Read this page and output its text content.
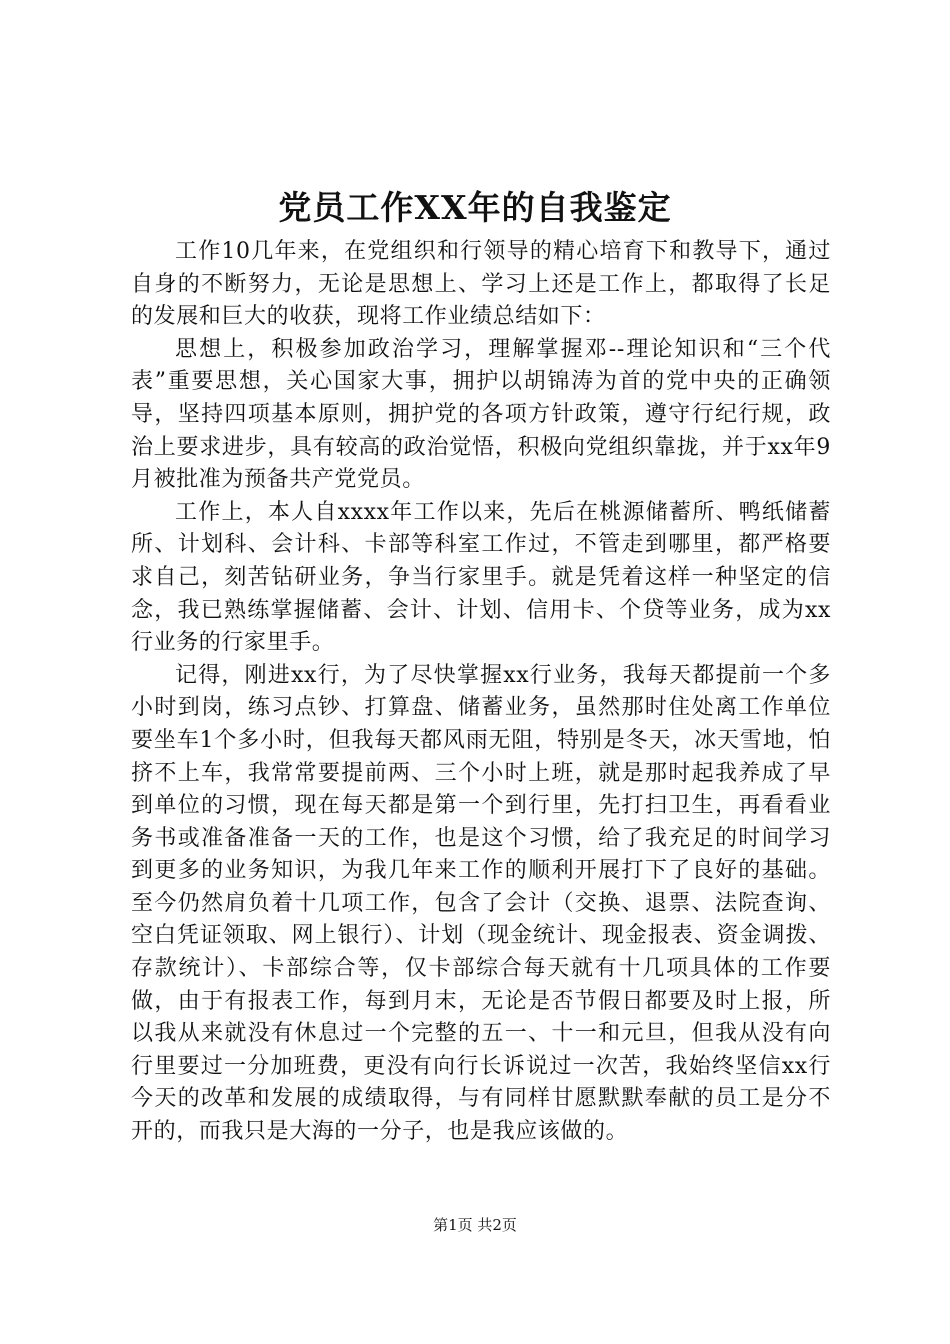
党员工作XX年的自我鉴定

工作10几年来，在党组织和行领导的精心培育下和教导下，通过自身的不断努力，无论是思想上、学习上还是工作上，都取得了长足的发展和巨大的收获，现将工作业绩总结如下：

思想上，积极参加政治学习，理解掌握邓--理论知识和“三个代表”重要思想，关心国家大事，拥护以胡锦涛为首的党中央的正确领导，坚持四项基本原则，拥护党的各项方针政策，遵守行纪行规，政治上要求进步，具有较高的政治觉悟，积极向党组织靠拢，并于xx年9月被批准为预备共产党党员。

工作上，本人自xxxx年工作以来，先后在桃源储蓄所、鸭纸储蓄所、计划科、会计科、卡部等科室工作过，不管走到哪里，都严格要求自己，刻苦钻研业务，争当行家里手。就是凭着这样一种坚定的信念，我已熟练掌握储蓄、会计、计划、信用卡、个贷等业务，成为xx行业务的行家里手。

记得，刚进xx行，为了尽快掌握xx行业务，我每天都提前一个多小时到岗，练习点钞、打算盘、储蓄业务，虽然那时住处离工作单位要坐车1个多小时，但我每天都风雨无阻，特别是冬天，冰天雪地，怕挤不上车，我常常要提前两、三个小时上班，就是那时起我养成了早到单位的习惯，现在每天都是第一个到行里，先打扫卫生，再看看业务书或准备准备一天的工作，也是这个习惯，给了我充足的时间学习到更多的业务知识，为我几年来工作的顺利开展打下了良好的基础。至今仍然肩负着十几项工作，包含了会计（交换、退票、法院查询、空白凭证领取、网上银行）、计划（现金统计、现金报表、资金调拨、存款统计）、卡部综合等，仅卡部综合每天就有十几项具体的工作要做，由于有报表工作，每到月末，无论是否节假日都要及时上报，所以我从来就没有休息过一个完整的五一、十一和元旦，但我从没有向行里要过一分加班费，更没有向行长诉说过一次苦，我始终坚信xx行今天的改革和发展的成绩取得，与有同样甘愿默默奉献的员工是分不开的，而我只是大海的一分子，也是我应该做的。

第1页 共2页
